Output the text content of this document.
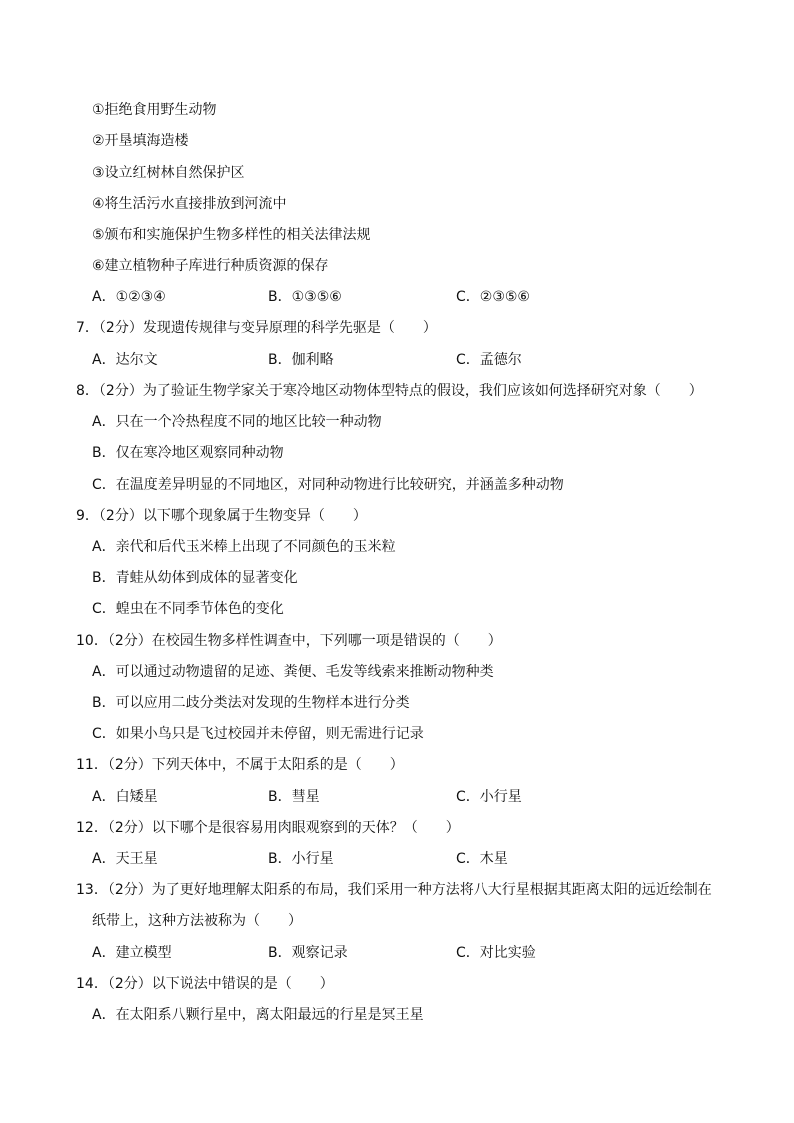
①拒绝食用野生动物
②开垦填海造楼
③设立红树林自然保护区
④将生活污水直接排放到河流中
⑤颁布和实施保护生物多样性的相关法律法规
⑥建立植物种子库进行种质资源的保存
A．①②③④	B．①③⑤⑥	C．②③⑤⑥
7．（2分）发现遗传规律与变异原理的科学先驱是（　　）
A．达尔文	B．伽利略	C．孟德尔
8．（2分）为了验证生物学家关于寒冷地区动物体型特点的假设，我们应该如何选择研究对象（　　）
A．只在一个冷热程度不同的地区比较一种动物
B．仅在寒冷地区观察同种动物
C．在温度差异明显的不同地区，对同种动物进行比较研究，并涵盖多种动物
9．（2分）以下哪个现象属于生物变异（　　）
A．亲代和后代玉米棒上出现了不同颜色的玉米粒
B．青蛙从幼体到成体的显著变化
C．蝗虫在不同季节体色的变化
10．（2分）在校园生物多样性调查中，下列哪一项是错误的（　　）
A．可以通过动物遗留的足迹、粪便、毛发等线索来推断动物种类
B．可以应用二歧分类法对发现的生物样本进行分类
C．如果小鸟只是飞过校园并未停留，则无需进行记录
11．（2分）下列天体中，不属于太阳系的是（　　）
A．白矮星	B．彗星	C．小行星
12．（2分）以下哪个是很容易用肉眼观察到的天体？（　　）
A．天王星	B．小行星	C．木星
13．（2分）为了更好地理解太阳系的布局，我们采用一种方法将八大行星根据其距离太阳的远近绘制在
纸带上，这种方法被称为（　　）
A．建立模型	B．观察记录	C．对比实验
14．（2分）以下说法中错误的是（　　）
A．在太阳系八颗行星中，离太阳最远的行星是冥王星
